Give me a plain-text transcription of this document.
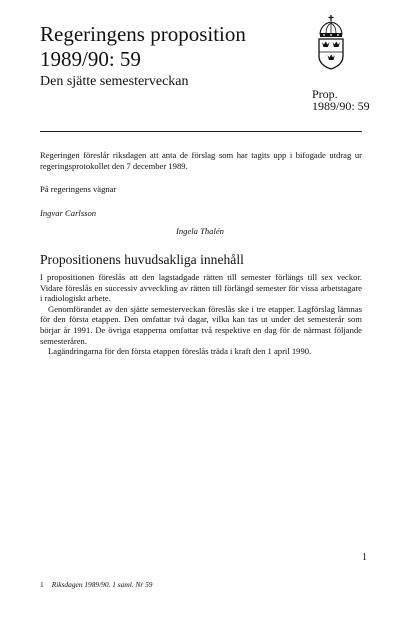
Regeringens proposition
1989/90: 59
Den sjätte semesterveckan
Prop.
1989/90: 59
Regeringen föreslår riksdagen att anta de förslag som har tagits upp i bifogade utdrag ur regeringsprotokollet den 7 december 1989.
På regeringens vägnar
Ingvar Carlsson
Ingela Thalén
Propositionens huvudsakliga innehåll

I propositionen föreslås att den lagstadgade rätten till semester förlängs till sex veckor. Vidare föreslås en successiv avveckling av rätten till förlängd semester för vissa arbetstagare i radiologiskt arbete.

Genomförandet av den sjätte semesterveckan föreslås ske i tre etapper. Lagförslag lämnas för den första etappen. Den omfattar två dagar, vilka kan tas ut under det semesterår som börjar år 1991. De övriga etapperna omfattar två respektive en dag för de närmast följande semesteråren.

Lagändringarna för den första etappen föreslås träda i kraft den 1 april 1990.

1
1 Riksdagen 1989/90. 1 saml. Nr 59
